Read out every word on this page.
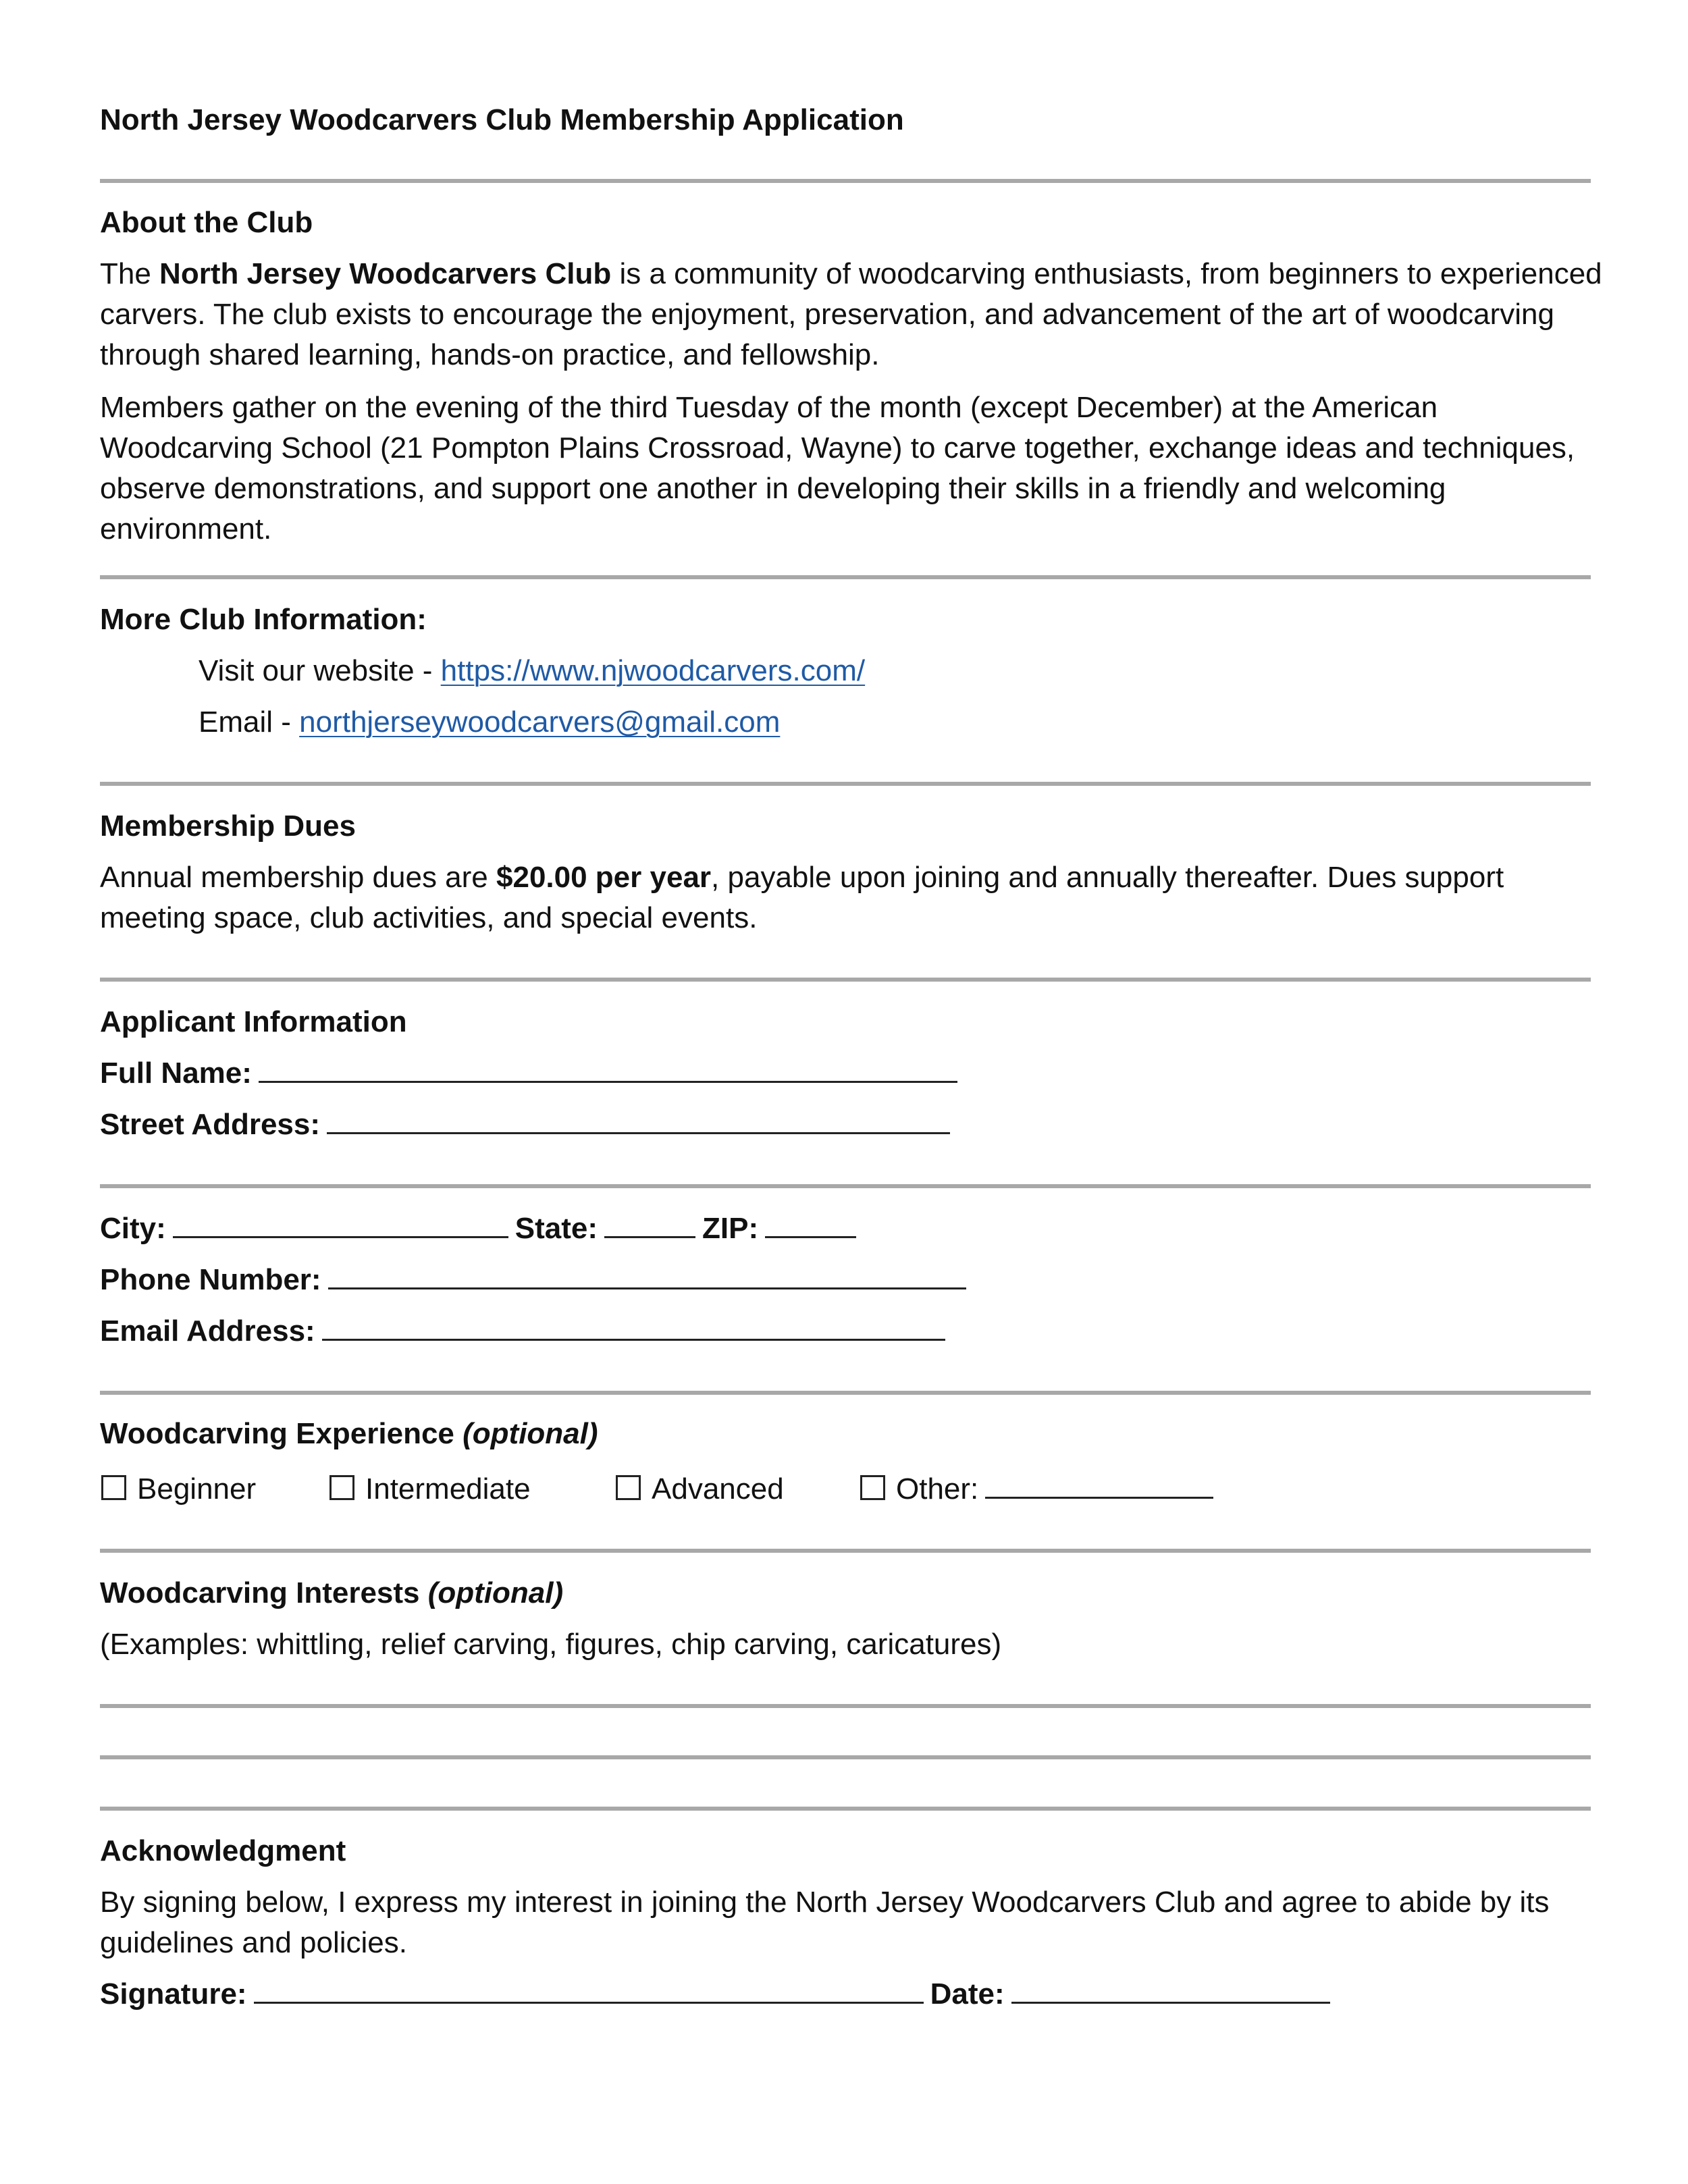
North Jersey Woodcarvers Club Membership Application
About the Club
The North Jersey Woodcarvers Club is a community of woodcarving enthusiasts, from beginners to experienced carvers. The club exists to encourage the enjoyment, preservation, and advancement of the art of woodcarving through shared learning, hands-on practice, and fellowship.
Members gather on the evening of the third Tuesday of the month (except December) at the American Woodcarving School (21 Pompton Plains Crossroad, Wayne) to carve together, exchange ideas and techniques, observe demonstrations, and support one another in developing their skills in a friendly and welcoming environment.
More Club Information:
Visit our website - https://www.njwoodcarvers.com/
Email - northjerseywoodcarvers@gmail.com
Membership Dues
Annual membership dues are $20.00 per year, payable upon joining and annually thereafter. Dues support meeting space, club activities, and special events.
Applicant Information
Full Name:
Street Address:
City:	State:	ZIP:
Phone Number:
Email Address:
Woodcarving Experience (optional)
Beginner	Intermediate	Advanced	Other:
Woodcarving Interests (optional)
(Examples: whittling, relief carving, figures, chip carving, caricatures)
Acknowledgment
By signing below, I express my interest in joining the North Jersey Woodcarvers Club and agree to abide by its guidelines and policies.
Signature:	Date:
